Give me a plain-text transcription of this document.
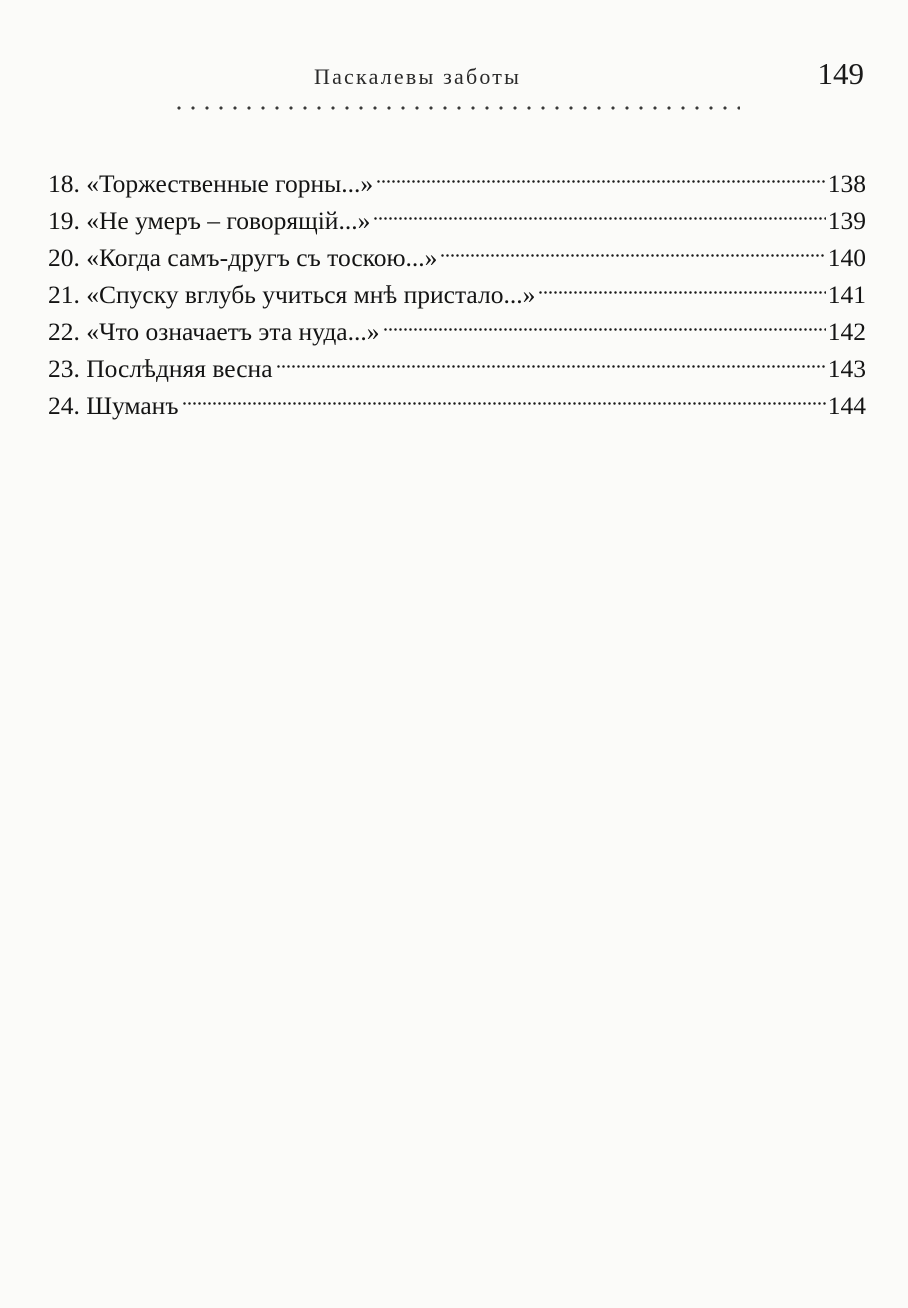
Паскалевы заботы	149
18. «Торжественные горны...»	138
19. «Не умеръ – говорящій...»	139
20. «Когда самъ-другъ съ тоскою...»	140
21. «Спуску вглубь учиться мнѣ пристало...»	141
22. «Что означаетъ эта нуда...»	142
23. Послѣдняя весна	143
24. Шуманъ	144
